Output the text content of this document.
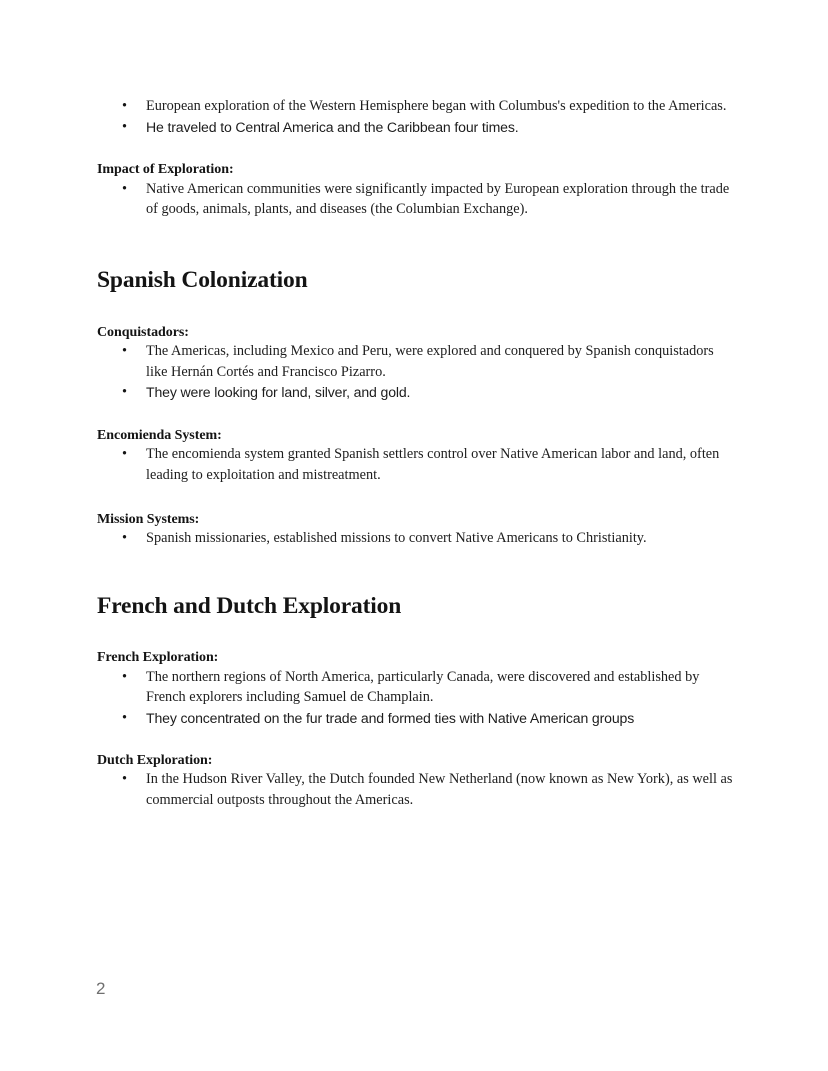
• European exploration of the Western Hemisphere began with Columbus's expedition to the Americas.
• He traveled to Central America and the Caribbean four times.
Impact of Exploration:
• Native American communities were significantly impacted by European exploration through the trade of goods, animals, plants, and diseases (the Columbian Exchange).
Spanish Colonization
Conquistadors:
• The Americas, including Mexico and Peru, were explored and conquered by Spanish conquistadors like Hernán Cortés and Francisco Pizarro.
• They were looking for land, silver, and gold.
Encomienda System:
• The encomienda system granted Spanish settlers control over Native American labor and land, often leading to exploitation and mistreatment.
Mission Systems:
• Spanish missionaries, established missions to convert Native Americans to Christianity.
French and Dutch Exploration
French Exploration:
• The northern regions of North America, particularly Canada, were discovered and established by French explorers including Samuel de Champlain.
• They concentrated on the fur trade and formed ties with Native American groups
Dutch Exploration:
• In the Hudson River Valley, the Dutch founded New Netherland (now known as New York), as well as commercial outposts throughout the Americas.
2
